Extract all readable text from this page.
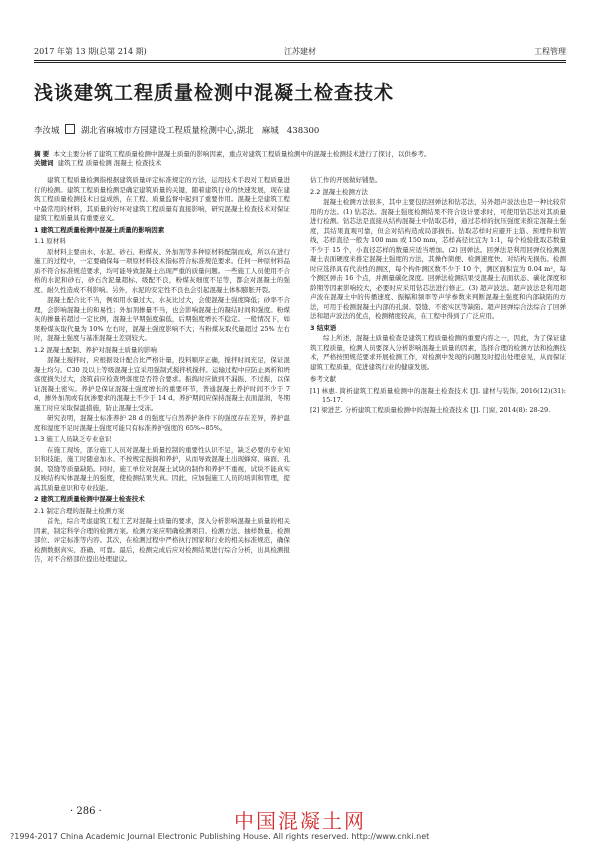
2017 年第 13 期(总第 214 期)	江苏建材	工程管理
浅谈建筑工程质量检测中混凝土检查技术
李汝城	湖北省麻城市方园建设工程质量检测中心,湖北 麻城 438300
摘 要 本文主要分析了建筑工程质量检测中混凝土质量的影响因素，重点对建筑工程质量检测中的混凝土检测技术进行了探讨，以供参考。
关键词 建筑工程 质量检测 混凝土 检查技术

建筑工程质量检测指根据建筑质量评定标准规定的方法，运用技术手段对工程质量进行的检测。建筑工程质量检测是确定建筑质量的关键，随着建筑行业的快速发展，现在建筑工程质量检测技术日益成熟，在工程、质量监督中起到了重要作用。混凝土是建筑工程中最常用的材料，其质量的好坏对建筑工程质量有直接影响，研究混凝土检查技术对保证建筑工程质量具有重要意义。

1 建筑工程质量检测中混凝土质量的影响因素
1.1 原材料

原材料主要由水、水泥、砂石、粉煤灰、外加剂等多种原材料配制而成，所以在进行施工的过程中，一定要确保每一项原材料技术指标符合标准规范要求。任何一种原材料品质不符合标准规范要求，均可能导致混凝土出现严重的质量问题。一些施工人员使用不合格的水泥和砂石，砂石含泥量超标、级配不良，粉煤灰细度不足等，都会对混凝土的强度、耐久性造成不利影响。另外，水泥的安定性不良也会引起混凝土体积膨胀开裂。

混凝土配合比不当，例如用水量过大、水灰比过大，会使混凝土强度降低；砂率不合理，会影响混凝土的和易性；外加剂掺量不当，也会影响混凝土的凝结时间和强度。粉煤灰的掺量若超过一定比例，混凝土早期强度偏低，后期强度增长不稳定。一般情况下，如果粉煤灰取代量为 10% 左右时，混凝土强度影响不大；当粉煤灰取代量超过 25% 左右时，混凝土强度与基准混凝土差别较大。

1.2 混凝土配制、养护对混凝土质量的影响

混凝土搅拌时，应根据设计配合比严格计量，投料顺序正确，搅拌时间充足，保证混凝土均匀。C30 及以上等级混凝土宜采用强制式搅拌机搅拌。运输过程中应防止离析和坍落度损失过大，浇筑前应检查坍落度是否符合要求。振捣时应做到不漏振、不过振，以保证混凝土密实。养护是保证混凝土强度增长的重要环节，普通混凝土养护时间不少于 7 d，掺外加剂或有抗渗要求的混凝土不少于 14 d。养护期间应保持混凝土表面湿润，冬期施工时应采取保温措施，防止混凝土受冻。

研究表明，混凝土标准养护 28 d 的强度与自然养护条件下的强度存在差异，养护温度和湿度不足时混凝土强度可能只有标准养护强度的 65%~85%。

1.3 施工人员缺乏专业意识

在施工现场，部分施工人员对混凝土质量控制的重要性认识不足，缺乏必要的专业知识和技能，施工时随意加水、不按规定振捣和养护，从而导致混凝土出现蜂窝、麻面、孔洞、裂缝等质量缺陷。同时，施工单位对混凝土试块的制作和养护不重视，试块不能真实反映结构实体混凝土的强度，使检测结果失真。因此，应加强施工人员的培训和管理，提高其质量意识和专业技能。

2 建筑工程质量检测中混凝土检查技术
2.1 制定合理的混凝土检测方案

首先，综合考虑建筑工程工艺对混凝土质量的要求，深入分析影响混凝土质量的相关因素，制定科学合理的检测方案。检测方案应明确检测项目、检测方法、抽样数量、检测部位、评定标准等内容。其次，在检测过程中严格执行国家和行业的相关标准规范，确保检测数据真实、准确、可靠。最后，检测完成后应对检测结果进行综合分析，出具检测报告，对不合格部位提出处理建议。

估工作的开展做好铺垫。

2.2 混凝土检测方法

混凝土检测方法很多，其中主要包括回弹法和钻芯法，另外超声波法也是一种比较常用的方法。(1) 钻芯法。混凝土强度检测结果不符合设计要求时，可使用钻芯法对其质量进行检测。钻芯法是直接从结构混凝土中钻取芯样，通过芯样的抗压强度来推定混凝土强度，其结果直观可靠，但会对结构造成局部损伤。钻取芯样时应避开主筋、预埋件和管线，芯样直径一般为 100 mm 或 150 mm，芯样高径比宜为 1:1，每个检验批取芯数量不少于 15 个，小直径芯样的数量应适当增加。(2) 回弹法。回弹法是利用回弹仪检测混凝土表面硬度来推定混凝土强度的方法，其操作简便、检测速度快、对结构无损伤。检测时应选择具有代表性的测区，每个构件测区数不少于 10 个，测区面积宜为 0.04 m²，每个测区弹击 16 个点，并测量碳化深度。回弹法检测结果受混凝土表面状态、碳化深度和龄期等因素影响较大，必要时应采用钻芯法进行修正。(3) 超声波法。超声波法是利用超声波在混凝土中的传播速度、振幅和频率等声学参数来判断混凝土强度和内部缺陷的方法，可用于检测混凝土内部的孔洞、裂缝、不密实区等缺陷。超声回弹综合法综合了回弹法和超声波法的优点，检测精度较高，在工程中得到了广泛应用。

3 结束语

综上所述，混凝土质量检查是建筑工程质量检测的重要内容之一，因此，为了保证建筑工程质量，检测人员要深入分析影响混凝土质量的因素，选择合理的检测方法和检测技术，严格按照规范要求开展检测工作，对检测中发现的问题及时提出处理意见，从而保证建筑工程质量，促进建筑行业的健康发展。

参考文献
[1] 林惠. 简析建筑工程质量检测中的混凝土检查技术 [J]. 建材与装饰, 2016(12)(31): 15-17.
[2] 梁进艺. 分析建筑工程质量检测中的混凝土检查技术 [J]. 门窗, 2014(8): 28-29.
· 286 ·	中国混凝土网
?1994-2017 China Academic Journal Electronic Publishing House. All rights reserved. http://www.cnki.net
